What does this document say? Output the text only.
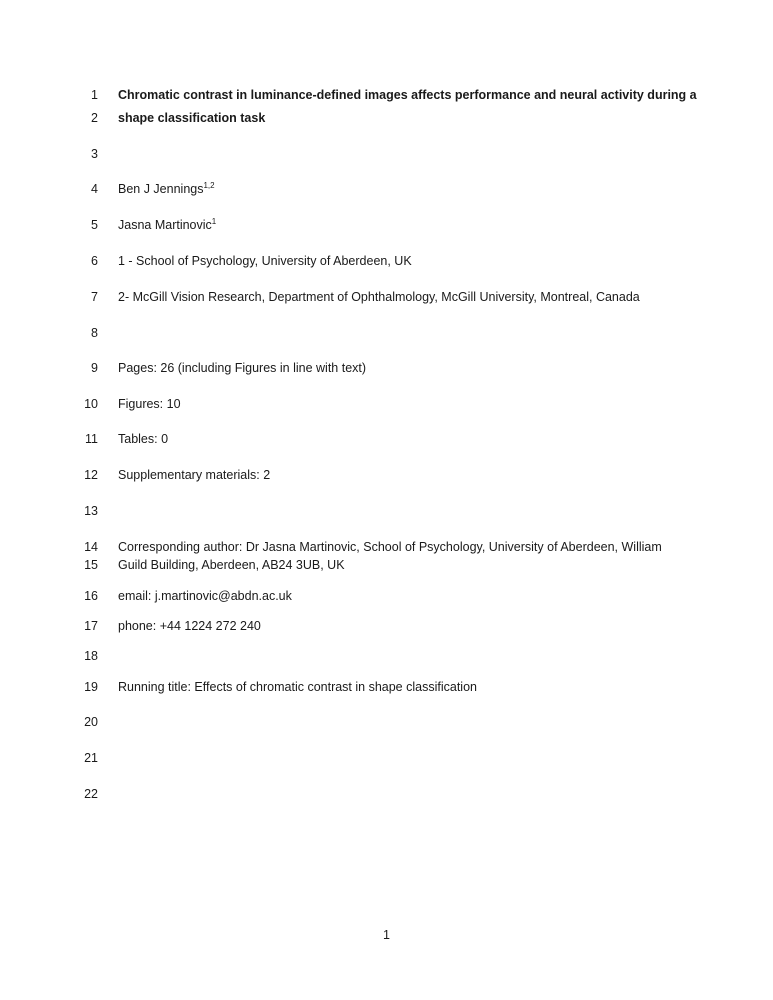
1 Chromatic contrast in luminance-defined images affects performance and neural activity during a
2 shape classification task
3
4 Ben J Jennings$^{1,2}$
5 Jasna Martinovic$^1$
6 1 - School of Psychology, University of Aberdeen, UK
7 2- McGill Vision Research, Department of Ophthalmology, McGill University, Montreal, Canada
8
9 Pages: 26 (including Figures in line with text)
10 Figures: 10
11 Tables: 0
12 Supplementary materials: 2
13
14 Corresponding author: Dr Jasna Martinovic, School of Psychology, University of Aberdeen, William
15 Guild Building, Aberdeen, AB24 3UB, UK
16 email: j.martinovic@abdn.ac.uk
17 phone: +44 1224 272 240
18
19 Running title: Effects of chromatic contrast in shape classification
20
21
22
1
